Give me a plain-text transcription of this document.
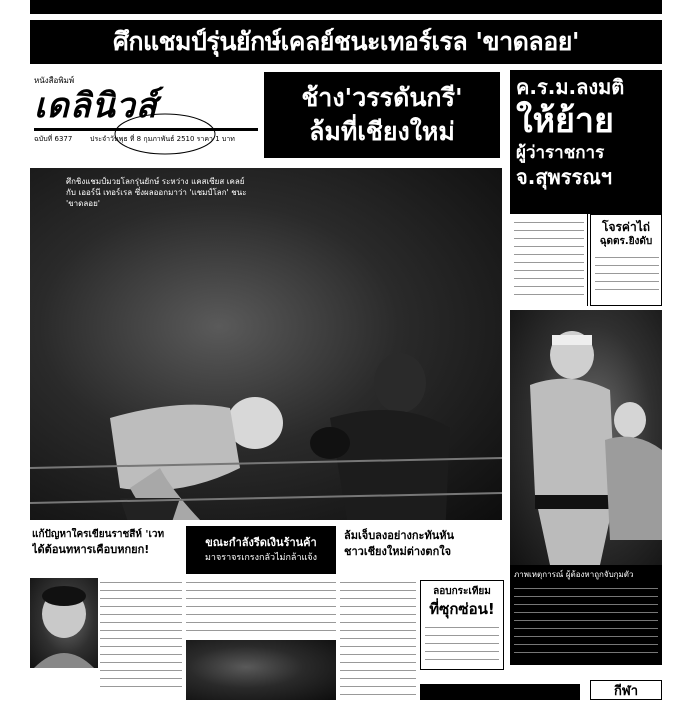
ศึกแชมป์รุ่นยักษ์เคลย์ชนะเทอร์เรล 'ขาดลอย'
หนังสือพิมพ์
เดลินิวส์
ฉบับที่ 6377	ประจำวันพุธ ที่ 8 กุมภาพันธ์ 2510 ราคา 1 บาท
ช้าง'วรรดันกรี'
ล้มที่เชียงใหม่
ค.ร.ม.ลงมติ
ให้ย้าย
ผู้ว่าราชการ
จ.สุพรรณฯ
ศึกชิงแชมป์มวยโลกรุ่นยักษ์ ระหว่าง แคสเซียส เคลย์ กับ เออร์นี เทอร์เรล ซึ่งผลออกมาว่า 'แชมป์โลก' ชนะ 'ขาดลอย'
โจรค่าไถ่
ฉุดตร.ยิงดับ
ภาพเหตุการณ์ ผู้ต้องหาถูกจับกุมตัว
แก้ปัญหาใครเขียนราชสีห์ 'เวท
ได้ต้อนทหารเคือบหกยก!
ขณะกำลังรีดเงินร้านค้า
มาจราจรเกรงกลัวไม่กล้าแจ้ง
ล้มเจ็บลงอย่างกะทันหัน
ชาวเชียงใหม่ต่างตกใจ
ลอบกระเทียม
ที่ซุกซ่อน!
กีฬา
